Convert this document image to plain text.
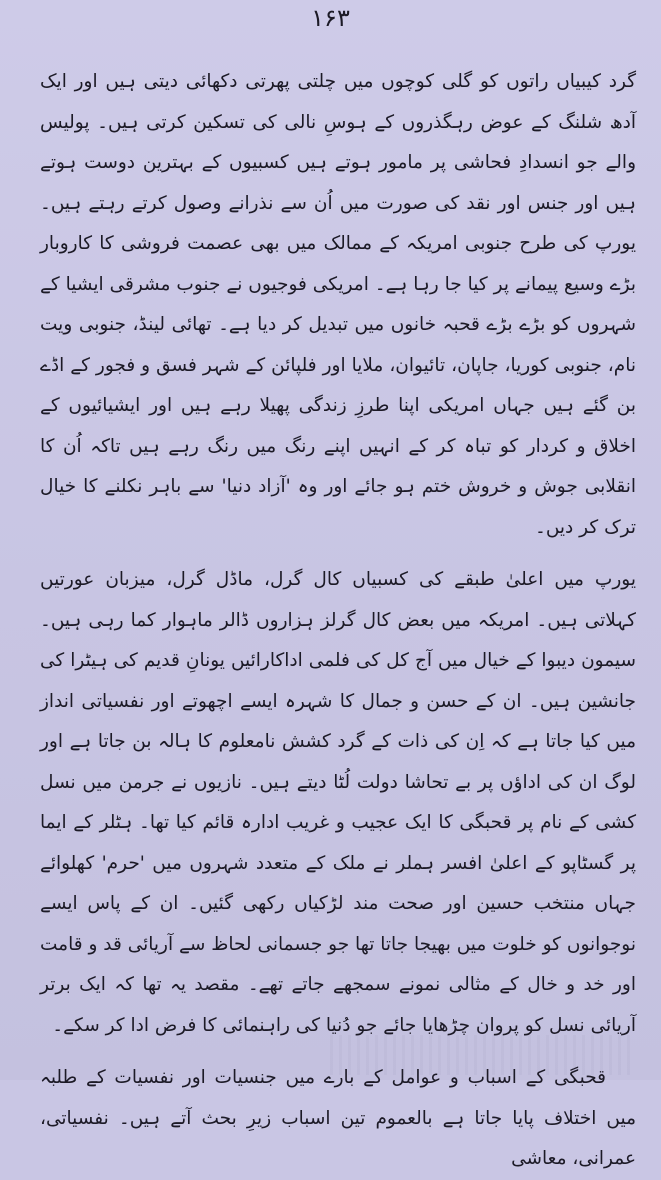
۱۶۳

گرد کیبیاں راتوں کو گلی کوچوں میں چلتی پھرتی دکھائی دیتی ہیں اور ایک آدھ شلنگ کے عوض رہگذروں کے ہوسِ نالی کی تسکین کرتی ہیں۔ پولیس والے جو انسدادِ فحاشی پر مامور ہوتے ہیں کسبیوں کے بہترین دوست ہوتے ہیں اور جنس اور نقد کی صورت میں اُن سے نذرانے وصول کرتے رہتے ہیں۔ یورپ کی طرح جنوبی امریکہ کے ممالک میں بھی عصمت فروشی کا کاروبار بڑے وسیع پیمانے پر کیا جا رہا ہے۔ امریکی فوجیوں نے جنوب مشرقی ایشیا کے شہروں کو بڑے بڑے قحبہ خانوں میں تبدیل کر دیا ہے۔ تھائی لینڈ، جنوبی ویت نام، جنوبی کوریا، جاپان، تائیوان، ملایا اور فلپائن کے شہر فسق و فجور کے اڈے بن گئے ہیں جہاں امریکی اپنا طرزِ زندگی پھیلا رہے ہیں اور ایشیائیوں کے اخلاق و کردار کو تباہ کر کے انہیں اپنے رنگ میں رنگ رہے ہیں تاکہ اُن کا انقلابی جوش و خروش ختم ہو جائے اور وہ 'آزاد دنیا' سے باہر نکلنے کا خیال ترک کر دیں۔

یورپ میں اعلیٰ طبقے کی کسبیاں کال گرل، ماڈل گرل، میزبان عورتیں کہلاتی ہیں۔ امریکہ میں بعض کال گرلز ہزاروں ڈالر ماہوار کما رہی ہیں۔ سیمون دیبوا کے خیال میں آج کل کی فلمی اداکارائیں یونانِ قدیم کی ہیٹرا کی جانشین ہیں۔ ان کے حسن و جمال کا شہرہ ایسے اچھوتے اور نفسیاتی انداز میں کیا جاتا ہے کہ اِن کی ذات کے گرد کشش نامعلوم کا ہالہ بن جاتا ہے اور لوگ ان کی اداؤں پر بے تحاشا دولت لُٹا دیتے ہیں۔ نازیوں نے جرمن میں نسل کشی کے نام پر قحبگی کا ایک عجیب و غریب ادارہ قائم کیا تھا۔ ہٹلر کے ایما پر گسٹاپو کے اعلیٰ افسر ہملر نے ملک کے متعدد شہروں میں 'حرم' کھلوائے جہاں منتخب حسین اور صحت مند لڑکیاں رکھی گئیں۔ ان کے پاس ایسے نوجوانوں کو خلوت میں بھیجا جاتا تھا جو جسمانی لحاظ سے آریائی قد و قامت اور خد و خال کے مثالی نمونے سمجھے جاتے تھے۔ مقصد یہ تھا کہ ایک برتر آریائی نسل کو پروان چڑھایا جائے جو دُنیا کی راہنمائی کا فرض ادا کر سکے۔

قحبگی کے اسباب و عوامل کے بارے میں جنسیات اور نفسیات کے طلبہ میں اختلاف پایا جاتا ہے بالعموم تین اسباب زیرِ بحث آتے ہیں۔ نفسیاتی، عمرانی، معاشی
